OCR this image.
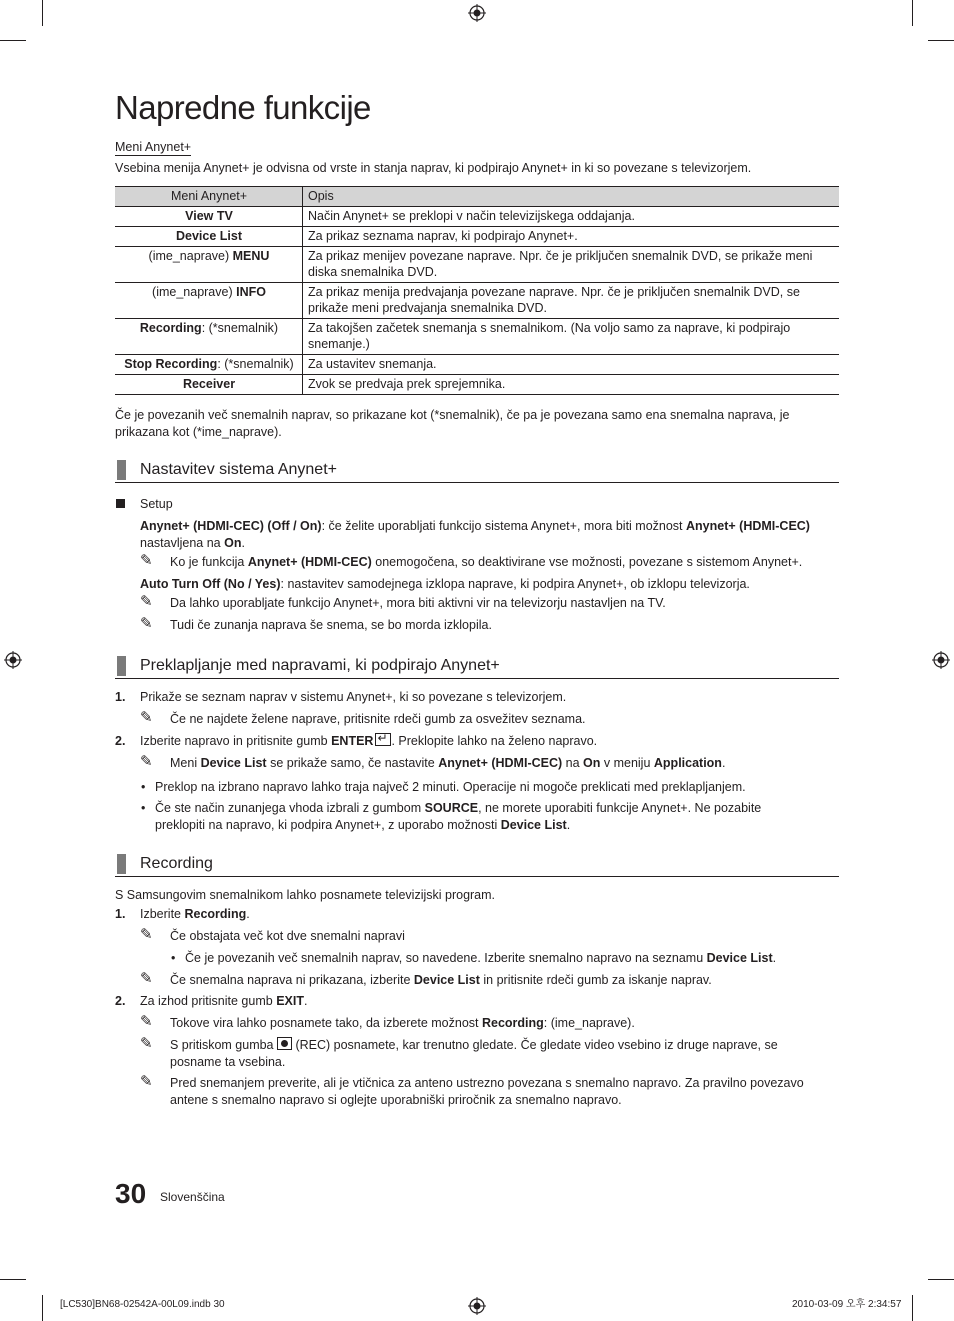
Napredne funkcije
Meni Anynet+
Vsebina menija Anynet+ je odvisna od vrste in stanja naprav, ki podpirajo Anynet+ in ki so povezane s televizorjem.
Meni Anynet+	Opis
View TV	Način Anynet+ se preklopi v način televizijskega oddajanja.
Device List	Za prikaz seznama naprav, ki podpirajo Anynet+.
(ime_naprave) MENU	Za prikaz menijev povezane naprave. Npr. če je priključen snemalnik DVD, se prikaže meni diska snemalnika DVD.
(ime_naprave) INFO	Za prikaz menija predvajanja povezane naprave. Npr. če je priključen snemalnik DVD, se prikaže meni predvajanja snemalnika DVD.
Recording: (*snemalnik)	Za takojšen začetek snemanja s snemalnikom. (Na voljo samo za naprave, ki podpirajo snemanje.)
Stop Recording: (*snemalnik)	Za ustavitev snemanja.
Receiver	Zvok se predvaja prek sprejemnika.
Če je povezanih več snemalnih naprav, so prikazane kot (*snemalnik), če pa je povezana samo ena snemalna naprava, je prikazana kot (*ime_naprave).
Nastavitev sistema Anynet+
Setup
Anynet+ (HDMI-CEC) (Off / On): če želite uporabljati funkcijo sistema Anynet+, mora biti možnost Anynet+ (HDMI-CEC)
nastavljena na On.
✎ Ko je funkcija Anynet+ (HDMI-CEC) onemogočena, so deaktivirane vse možnosti, povezane s sistemom Anynet+.
Auto Turn Off (No / Yes): nastavitev samodejnega izklopa naprave, ki podpira Anynet+, ob izklopu televizorja.
✎ Da lahko uporabljate funkcijo Anynet+, mora biti aktivni vir na televizorju nastavljen na TV.
✎ Tudi če zunanja naprava še snema, se bo morda izklopila.
Preklapljanje med napravami, ki podpirajo Anynet+
1. Prikaže se seznam naprav v sistemu Anynet+, ki so povezane s televizorjem.
✎ Če ne najdete želene naprave, pritisnite rdeči gumb za osvežitev seznama.
2. Izberite napravo in pritisnite gumb ENTER ↵ . Preklopite lahko na želeno napravo.
✎ Meni Device List se prikaže samo, če nastavite Anynet+ (HDMI-CEC) na On v meniju Application.
• Preklop na izbrano napravo lahko traja največ 2 minuti. Operacije ni mogoče preklicati med preklapljanjem.
• Če ste način zunanjega vhoda izbrali z gumbom SOURCE, ne morete uporabiti funkcije Anynet+. Ne pozabite
preklopiti na napravo, ki podpira Anynet+, z uporabo možnosti Device List.
Recording
S Samsungovim snemalnikom lahko posnamete televizijski program.
1. Izberite Recording.
✎ Če obstajata več kot dve snemalni napravi
• Če je povezanih več snemalnih naprav, so navedene. Izberite snemalno napravo na seznamu Device List.
✎ Če snemalna naprava ni prikazana, izberite Device List in pritisnite rdeči gumb za iskanje naprav.
2. Za izhod pritisnite gumb EXIT.
✎ Tokove vira lahko posnamete tako, da izberete možnost Recording: (ime_naprave).
✎ S pritiskom gumba  (REC) posnamete, kar trenutno gledate. Če gledate video vsebino iz druge naprave, se
posname ta vsebina.
✎ Pred snemanjem preverite, ali je vtičnica za anteno ustrezno povezana s snemalno napravo. Za pravilno povezavo
antene s snemalno napravo si oglejte uporabniški priročnik za snemalno napravo.
30 Slovenščina
[LC530]BN68-02542A-00L09.indb 30	2010-03-09 오후 2:34:57
